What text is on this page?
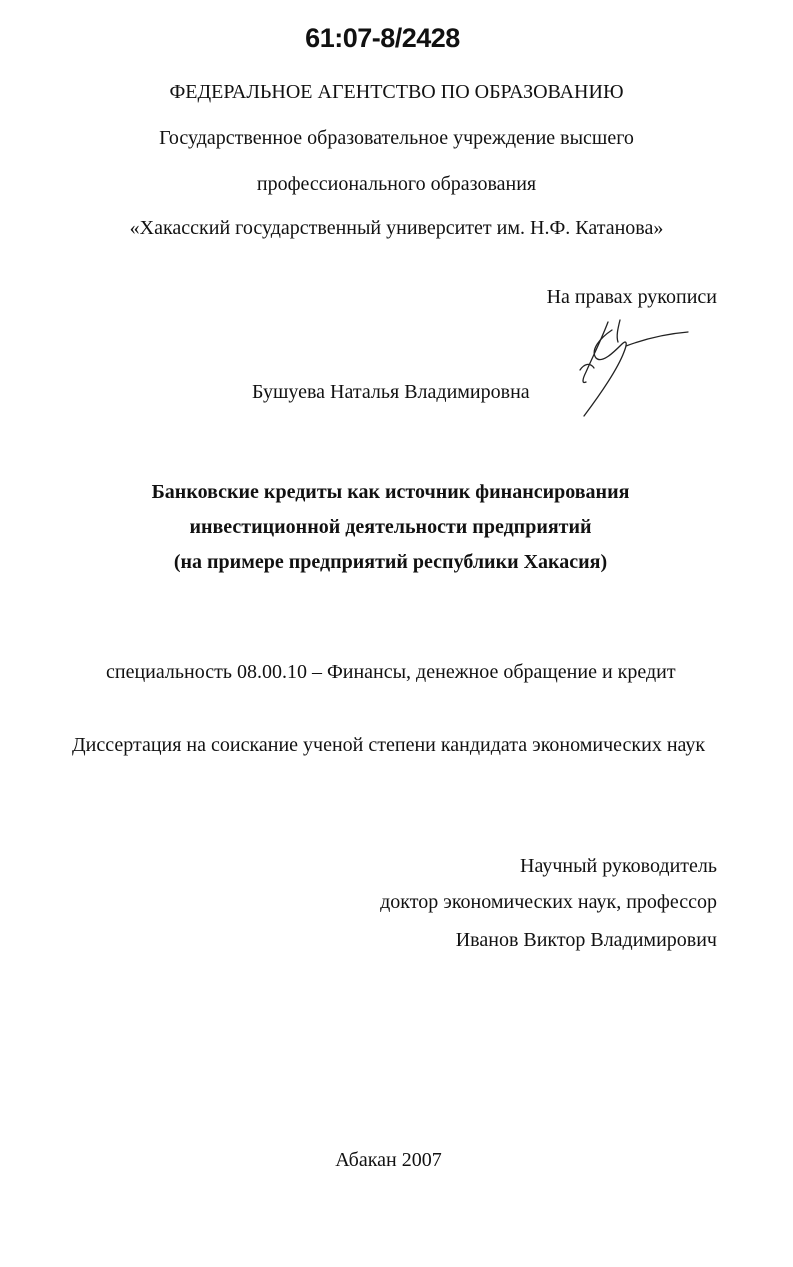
61:07-8/2428
ФЕДЕРАЛЬНОЕ АГЕНТСТВО ПО ОБРАЗОВАНИЮ
Государственное образовательное учреждение высшего
профессионального образования
«Хакасский государственный университет им. Н.Ф. Катанова»
На правах рукописи
Бушуева Наталья Владимировна
Банковские кредиты как источник финансирования
инвестиционной деятельности предприятий
(на примере предприятий республики Хакасия)
специальность 08.00.10 – Финансы, денежное обращение и кредит
Диссертация на соискание ученой степени кандидата экономических наук
Научный руководитель
доктор экономических наук, профессор
Иванов Виктор Владимирович
Абакан 2007
